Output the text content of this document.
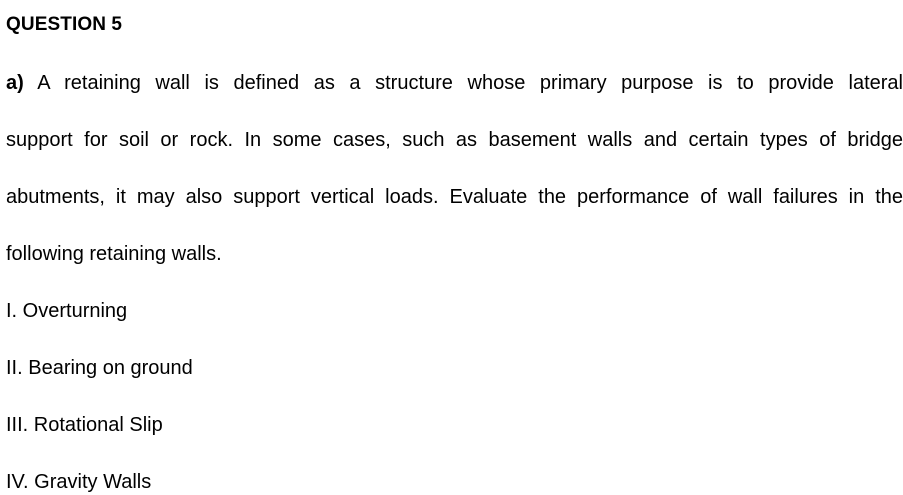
QUESTION 5
a) A retaining wall is defined as a structure whose primary purpose is to provide lateral
support for soil or rock. In some cases, such as basement walls and certain types of bridge
abutments, it may also support vertical loads. Evaluate the performance of wall failures in the
following retaining walls.
I. Overturning
II. Bearing on ground
III. Rotational Slip
IV. Gravity Walls
